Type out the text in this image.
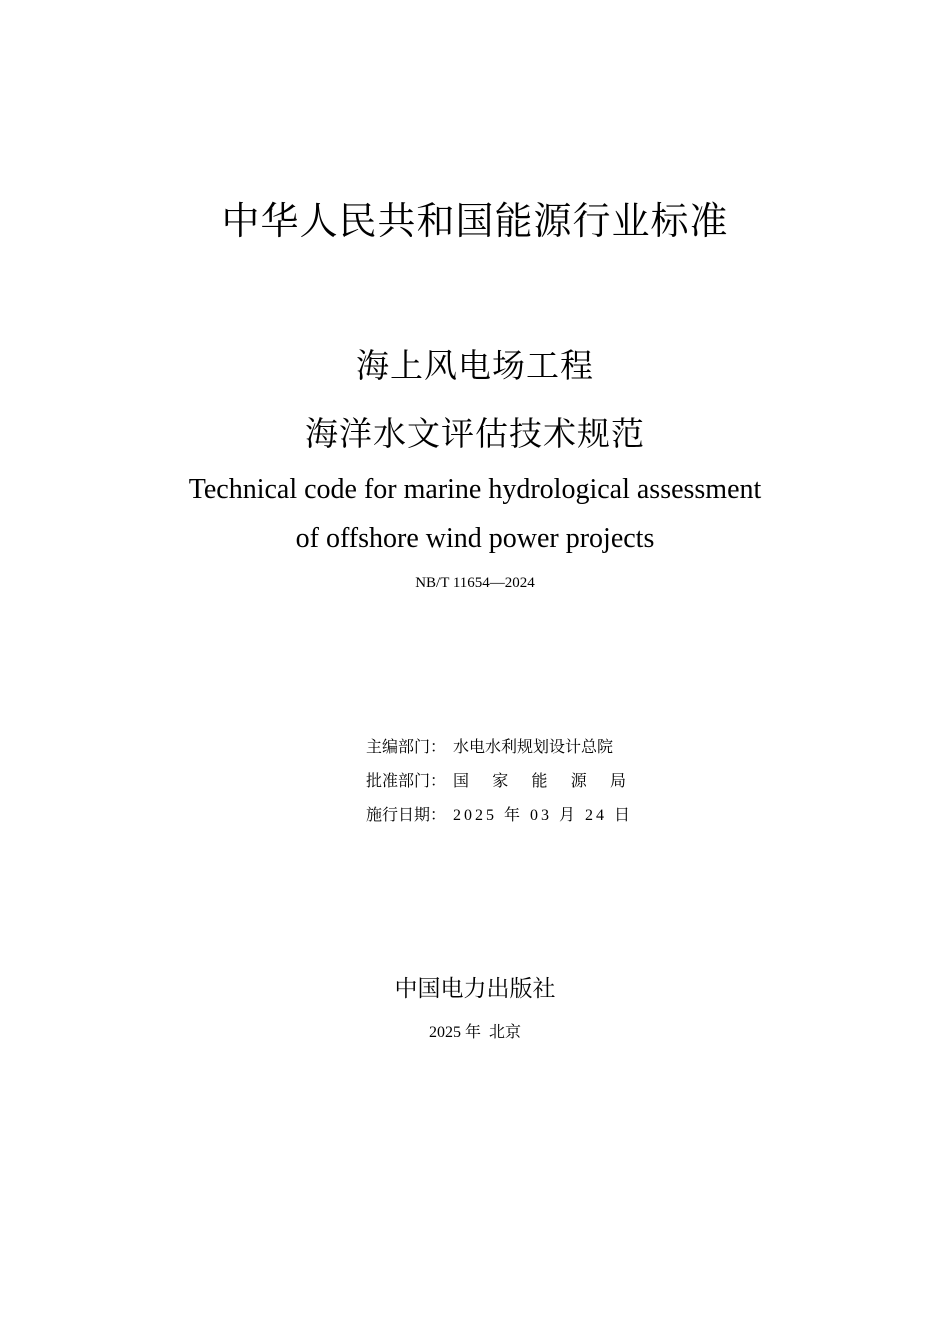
中华人民共和国能源行业标准
海上风电场工程
海洋水文评估技术规范
Technical code for marine hydrological assessment
of offshore wind power projects
NB/T 11654—2024
主编部门： 水电水利规划设计总院
批准部门： 国 家 能 源 局
施行日期： 2025 年 03 月 24 日
中国电力出版社
2025 年  北京
